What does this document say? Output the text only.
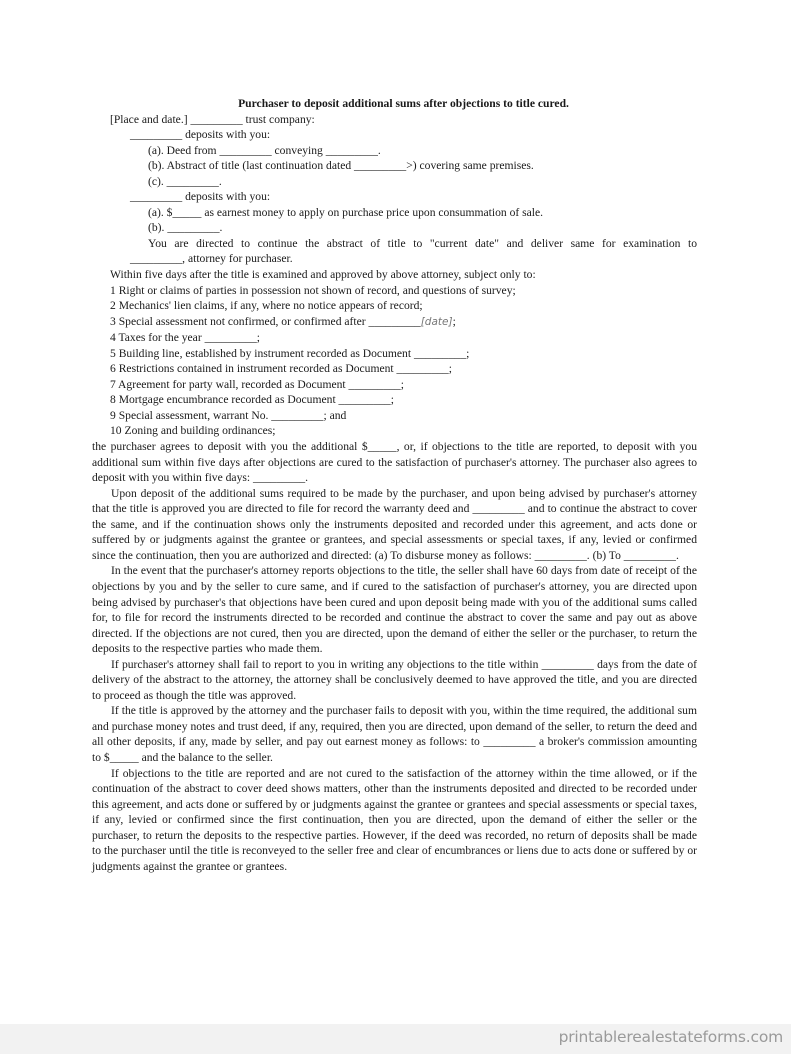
Purchaser to deposit additional sums after objections to title cured.
[Place and date.] _________ trust company:
_________ deposits with you:
(a). Deed from _________ conveying _________.
(b). Abstract of title (last continuation dated _________>) covering same premises.
(c). _________.
_________ deposits with you:
(a). $_____ as earnest money to apply on purchase price upon consummation of sale.
(b). _________.
You are directed to continue the abstract of title to "current date" and deliver same for examination to
_________, attorney for purchaser.
Within five days after the title is examined and approved by above attorney, subject only to:
1 Right or claims of parties in possession not shown of record, and questions of survey;
2 Mechanics' lien claims, if any, where no notice appears of record;
3 Special assessment not confirmed, or confirmed after _________[date];
4 Taxes for the year _________;
5 Building line, established by instrument recorded as Document _________;
6 Restrictions contained in instrument recorded as Document _________;
7 Agreement for party wall, recorded as Document _________;
8 Mortgage encumbrance recorded as Document _________;
9 Special assessment, warrant No. _________; and
10 Zoning and building ordinances;
the purchaser agrees to deposit with you the additional $_____, or, if objections to the title are reported, to deposit with you additional sum within five days after objections are cured to the satisfaction of purchaser's attorney. The purchaser also agrees to deposit with you within five days: _________.
Upon deposit of the additional sums required to be made by the purchaser, and upon being advised by purchaser's attorney that the title is approved you are directed to file for record the warranty deed and _________ and to continue the abstract to cover the same, and if the continuation shows only the instruments deposited and recorded under this agreement, and acts done or suffered by or judgments against the grantee or grantees, and special assessments or special taxes, if any, levied or confirmed since the continuation, then you are authorized and directed: (a) To disburse money as follows: _________. (b) To _________.
In the event that the purchaser's attorney reports objections to the title, the seller shall have 60 days from date of receipt of the objections by you and by the seller to cure same, and if cured to the satisfaction of purchaser's attorney, you are directed upon being advised by purchaser's that objections have been cured and upon deposit being made with you of the additional sums called for, to file for record the instruments directed to be recorded and continue the abstract to cover the same and pay out as above directed. If the objections are not cured, then you are directed, upon the demand of either the seller or the purchaser, to return the deposits to the respective parties who made them.
If purchaser's attorney shall fail to report to you in writing any objections to the title within _________ days from the date of delivery of the abstract to the attorney, the attorney shall be conclusively deemed to have approved the title, and you are directed to proceed as though the title was approved.
If the title is approved by the attorney and the purchaser fails to deposit with you, within the time required, the additional sum and purchase money notes and trust deed, if any, required, then you are directed, upon demand of the seller, to return the deed and all other deposits, if any, made by seller, and pay out earnest money as follows: to _________ a broker's commission amounting to $_____ and the balance to the seller.
If objections to the title are reported and are not cured to the satisfaction of the attorney within the time allowed, or if the continuation of the abstract to cover deed shows matters, other than the instruments deposited and directed to be recorded under this agreement, and acts done or suffered by or judgments against the grantee or grantees and special assessments or special taxes, if any, levied or confirmed since the first continuation, then you are directed, upon the demand of either the seller or the purchaser, to return the deposits to the respective parties. However, if the deed was recorded, no return of deposits shall be made to the purchaser until the title is reconveyed to the seller free and clear of encumbrances or liens due to acts done or suffered by or judgments against the grantee or grantees.
printablerealestateforms.com
